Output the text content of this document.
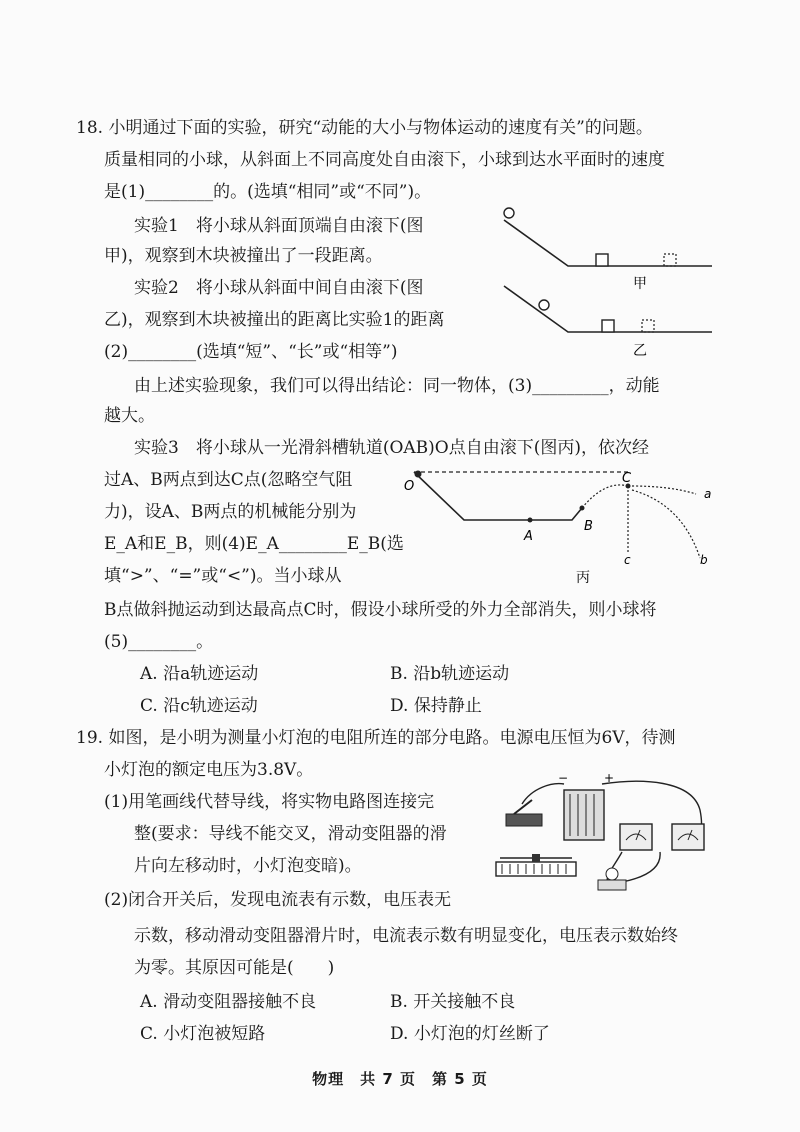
18. 小明通过下面的实验，研究“动能的大小与物体运动的速度有关”的问题。
质量相同的小球，从斜面上不同高度处自由滚下，小球到达水平面时的速度
是(1)________的。(选填“相同”或“不同”)。
实验1　将小球从斜面顶端自由滚下(图
甲)，观察到木块被撞出了一段距离。
实验2　将小球从斜面中间自由滚下(图
乙)，观察到木块被撞出的距离比实验1的距离
(2)________(选填“短”、“长”或“相等”)
甲
乙
由上述实验现象，我们可以得出结论：同一物体，(3)_________，动能
越大。
实验3　将小球从一光滑斜槽轨道(OAB)O点自由滚下(图丙)，依次经
过A、B两点到达C点(忽略空气阻
力)，设A、B两点的机械能分别为
E_A和E_B，则(4)E_A________E_B(选
填“>”、“=”或“<”)。当小球从
O
A
B
C
a
b
c
丙
B点做斜抛运动到达最高点C时，假设小球所受的外力全部消失，则小球将
(5)________。
A. 沿a轨迹运动	B. 沿b轨迹运动
C. 沿c轨迹运动	D. 保持静止
19. 如图，是小明为测量小灯泡的电阻所连的部分电路。电源电压恒为6V，待测
小灯泡的额定电压为3.8V。
(1)用笔画线代替导线，将实物电路图连接完
整(要求：导线不能交叉，滑动变阻器的滑
片向左移动时，小灯泡变暗)。
(2)闭合开关后，发现电流表有示数，电压表无
示数，移动滑动变阻器滑片时，电流表示数有明显变化，电压表示数始终
为零。其原因可能是(　　)
−	+
A. 滑动变阻器接触不良	B. 开关接触不良
C. 小灯泡被短路	D. 小灯泡的灯丝断了
物理　共 7 页　第 5 页
